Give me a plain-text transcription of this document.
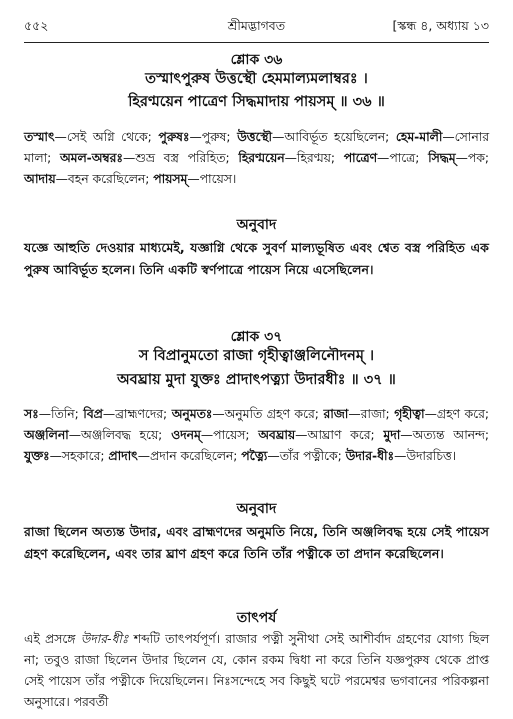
৫৫২	শ্রীমদ্ভাগবত	[স্কন্ধ ৪, অধ্যায় ১৩
শ্লোক ৩৬
তস্মাৎপুরুষ উত্তস্থৌ হেমমাল্যমলাম্বরঃ ।
হিরণ্ময়েন পাত্রেণ সিদ্ধমাদায় পায়সম্ ॥ ৩৬ ॥
তস্মাৎ—সেই অগ্নি থেকে; পুরুষঃ—পুরুষ; উত্তস্থৌ—আবির্ভূত হয়েছিলেন; হেম-মালী—সোনার মালা; অমল-অম্বরঃ—শুভ্র বস্ত্র পরিহিত; হিরণ্ময়েন—হিরণ্ময়; পাত্রেণ—পাত্রে; সিদ্ধম্—পক; আদায়—বহন করেছিলেন; পায়সম্—পায়েস।
অনুবাদ
যজ্ঞে আহুতি দেওয়ার মাধ্যমেই, যজ্ঞাগ্নি থেকে সুবর্ণ মাল্যভূষিত এবং শ্বেত বস্ত্র পরিহিত এক পুরুষ আবির্ভূত হলেন। তিনি একটি স্বর্ণপাত্রে পায়েস নিয়ে এসেছিলেন।
শ্লোক ৩৭
স বিপ্রানুমতো রাজা গৃহীত্বাঞ্জলিনৌদনম্ ।
অবঘ্রায় মুদা যুক্তঃ প্রাদাৎপত্ন্যা উদারধীঃ ॥ ৩৭ ॥
সঃ—তিনি; বিপ্র—ব্রাহ্মণদের; অনুমতঃ—অনুমতি গ্রহণ করে; রাজা—রাজা; গৃহীত্বা—গ্রহণ করে; অঞ্জলিনা—অঞ্জলিবদ্ধ হয়ে; ওদনম্—পায়েস; অবঘ্রায়—আঘ্রাণ করে; মুদা—অত্যন্ত আনন্দ; যুক্তঃ—সহকারে; প্রাদাৎ—প্রদান করেছিলেন; পত্ন্যৈ—তাঁর পত্নীকে; উদার-ধীঃ—উদারচিত্ত।
অনুবাদ
রাজা ছিলেন অত্যন্ত উদার, এবং ব্রাহ্মণদের অনুমতি নিয়ে, তিনি অঞ্জলিবদ্ধ হয়ে সেই পায়েস গ্রহণ করেছিলেন, এবং তার ঘ্রাণ গ্রহণ করে তিনি তাঁর পত্নীকে তা প্রদান করেছিলেন।
তাৎপর্য
এই প্রসঙ্গে উদার-ধীঃ শব্দটি তাৎপর্যপূর্ণ। রাজার পত্নী সুনীথা সেই আশীর্বাদ গ্রহণের যোগ্য ছিল না; তবুও রাজা ছিলেন উদার ছিলেন যে, কোন রকম দ্বিধা না করে তিনি যজ্ঞপুরুষ থেকে প্রাপ্ত সেই পায়েস তাঁর পত্নীকে দিয়েছিলেন। নিঃসন্দেহে সব কিছুই ঘটে পরমেশ্বর ভগবানের পরিকল্পনা অনুসারে। পরবর্তী
